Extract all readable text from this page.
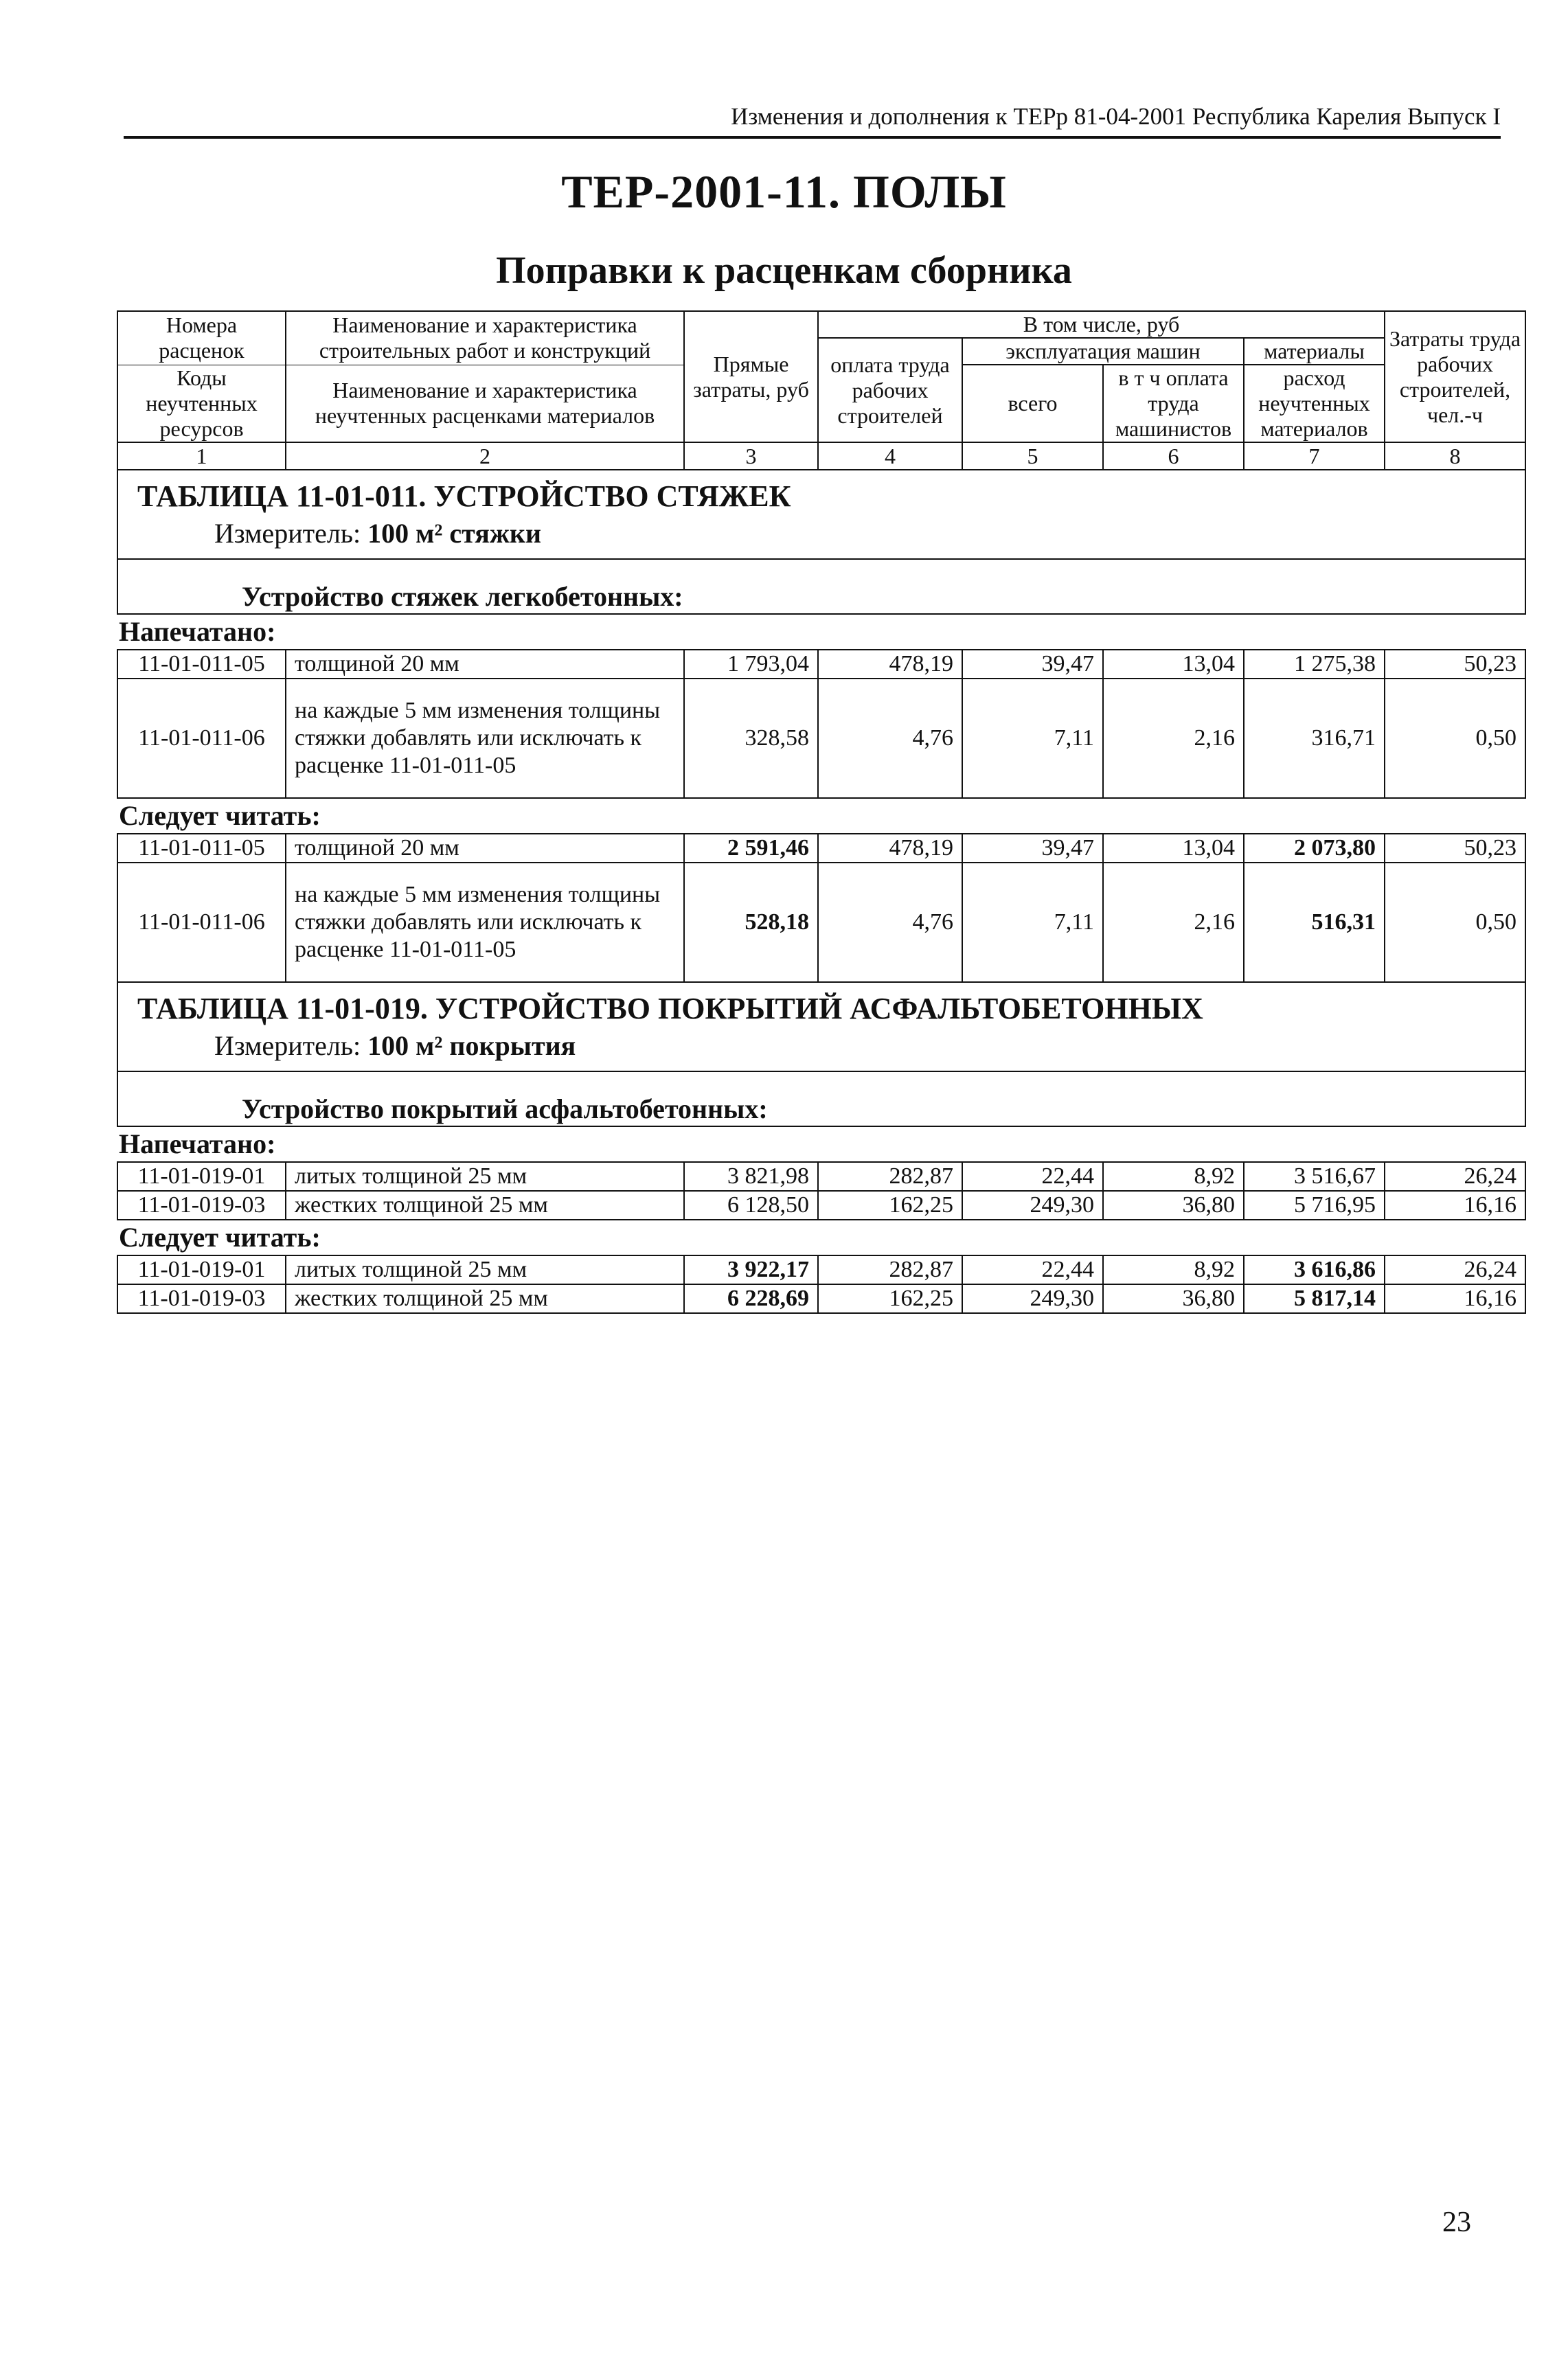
Изменения и дополнения к ТЕРр 81-04-2001 Республика Карелия Выпуск I
ТЕР-2001-11. ПОЛЫ
Поправки к расценкам сборника
Номера расценок	Наименование и характеристика строительных работ и конструкций	Прямые затраты, руб	В том числе, руб				Затраты труда рабочих строителей, чел.-ч
			оплата труда рабочих строителей	эксплуатация машин		материалы	
Коды неучтенных ресурсов	Наименование и характеристика неучтенных расценками материалов			всего	в т ч оплата труда машинистов	расход неучтенных материалов	

1	2	3	4	5	6	7	8

ТАБЛИЦА 11-01-011. УСТРОЙСТВО СТЯЖЕК
Измеритель: 100 м² стяжки							

Устройство стяжек легкобетонных:							
Напечатано:							
11-01-011-05	толщиной 20 мм	1 793,04	478,19	39,47	13,04	1 275,38	50,23
11-01-011-06	на каждые 5 мм изменения толщины стяжки добавлять или исключать к расценке 11-01-011-05	328,58	4,76	7,11	2,16	316,71	0,50
Следует читать:							
11-01-011-05	толщиной 20 мм	2 591,46	478,19	39,47	13,04	2 073,80	50,23
11-01-011-06	на каждые 5 мм изменения толщины стяжки добавлять или исключать к расценке 11-01-011-05	528,18	4,76	7,11	2,16	516,31	0,50

ТАБЛИЦА 11-01-019. УСТРОЙСТВО ПОКРЫТИЙ АСФАЛЬТОБЕТОННЫХ
Измеритель: 100 м² покрытия							

Устройство покрытий асфальтобетонных:							
Напечатано:							
11-01-019-01	литых толщиной 25 мм	3 821,98	282,87	22,44	8,92	3 516,67	26,24
11-01-019-03	жестких толщиной 25 мм	6 128,50	162,25	249,30	36,80	5 716,95	16,16
Следует читать:							
11-01-019-01	литых толщиной 25 мм	3 922,17	282,87	22,44	8,92	3 616,86	26,24
11-01-019-03	жестких толщиной 25 мм	6 228,69	162,25	249,30	36,80	5 817,14	16,16
23
